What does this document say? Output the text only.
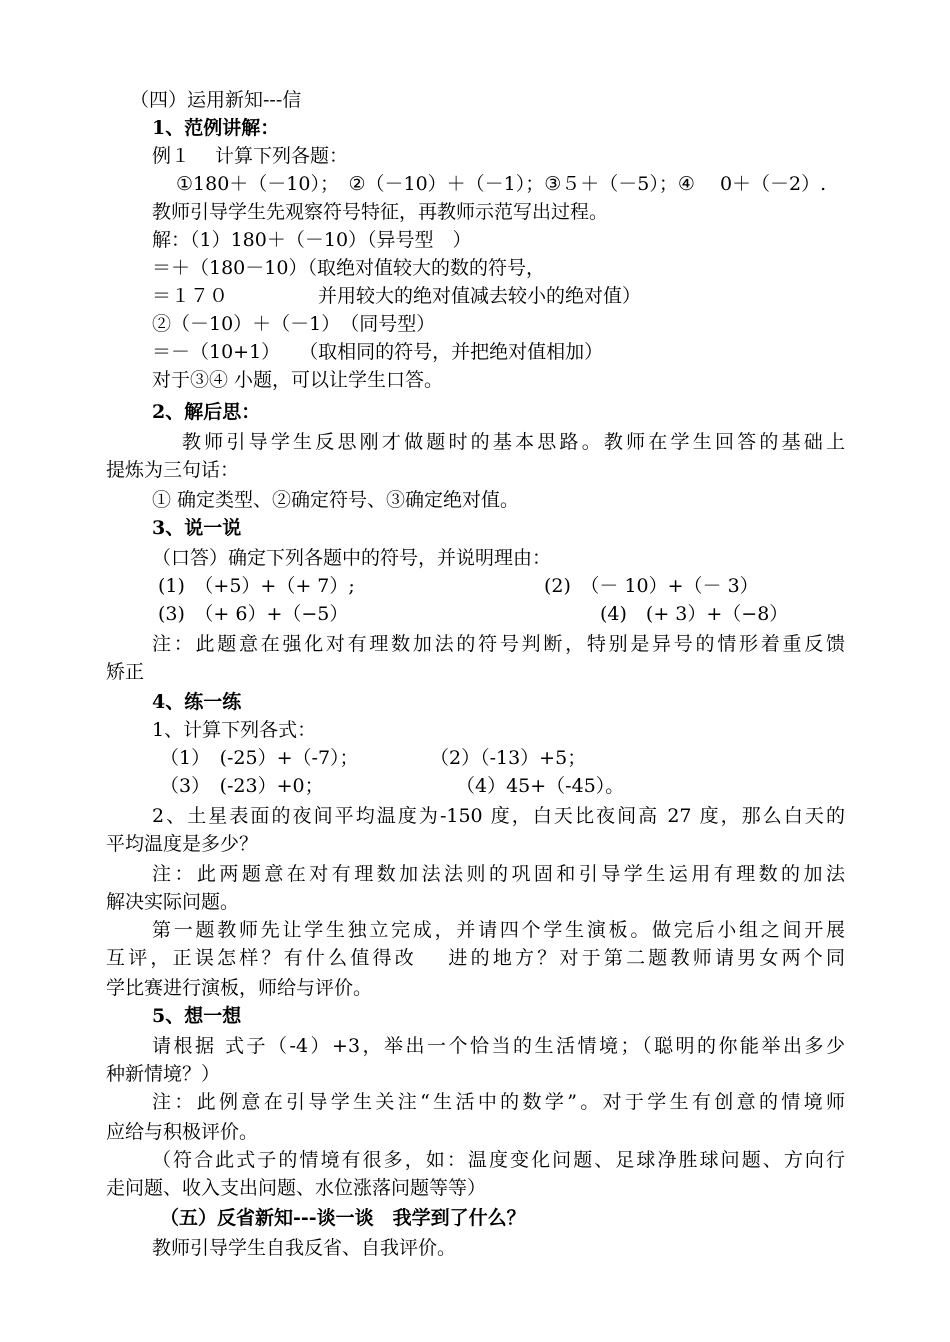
（四）运用新知---信
1、范例讲解：
例１　 计算下列各题：
①180＋（－10）；　②（－10）＋（－1）；③５＋（－5）；④　 0＋（－2）.
教师引导学生先观察符号特征，再教师示范写出过程。
解：（1）180＋（－10）（异号型　）
＝＋（180－10）（取绝对值较大的数的符号，
＝１７０	并用较大的绝对值减去较小的绝对值）
②（－10）＋（－1）　（同号型）
＝－（10+1）　　（取相同的符号，并把绝对值相加）
对于③④ 小题，可以让学生口答。
2、解后思：
教师引导学生反思刚才做题时的基本思路。教师在学生回答的基础上
提炼为三句话：
① 确定类型、②确定符号、③确定绝对值。
3、说一说
（口答）确定下列各题中的符号，并说明理由：
(1)　（+5）+（+ 7）;	(2)　（－ 10）+（－ 3）
(3)　（+ 6）+（−5）	(4)　(+ 3）+（−8）
注：此题意在强化对有理数加法的符号判断，特别是异号的情形着重反馈
矫正
4、练一练
1、计算下列各式：
（1）　(-25）+（-7）；	（2）（-13）+5；
（3）　(-23）+0；	（4）45+（-45）。
2、土星表面的夜间平均温度为-150 度，白天比夜间高 27 度，那么白天的
平均温度是多少？
注：此两题意在对有理数加法法则的巩固和引导学生运用有理数的加法
解决实际问题。
第一题教师先让学生独立完成，并请四个学生演板。做完后小组之间开展
互评，正误怎样？有什么值得改　 进的地方？对于第二题教师请男女两个同
学比赛进行演板，师给与评价。
5、想一想
请根据 式子（-4）+3，举出一个恰当的生活情境；（聪明的你能举出多少
种新情境？）
注：此例意在引导学生关注“生活中的数学”。对于学生有创意的情境师
应给与积极评价。
（符合此式子的情境有很多，如：温度变化问题、足球净胜球问题、方向行
走问题、收入支出问题、水位涨落问题等等）
（五）反省新知---谈一谈　我学到了什么？
教师引导学生自我反省、自我评价。
